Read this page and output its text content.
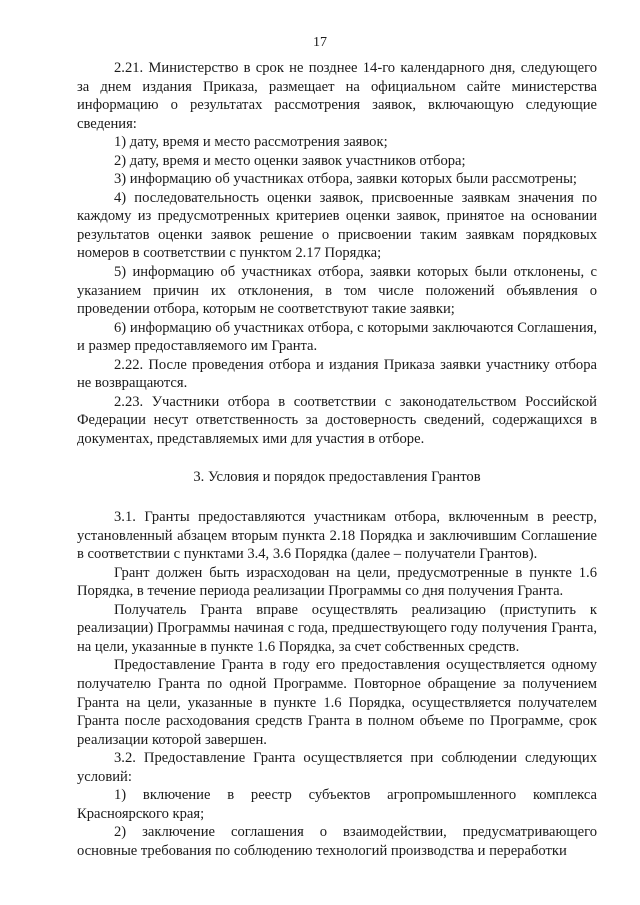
17

2.21. Министерство в срок не позднее 14-го календарного дня, следующего за днем издания Приказа, размещает на официальном сайте министерства информацию о результатах рассмотрения заявок, включающую следующие сведения:

1) дату, время и место рассмотрения заявок;

2) дату, время и место оценки заявок участников отбора;

3) информацию об участниках отбора, заявки которых были рассмотрены;

4) последовательность оценки заявок, присвоенные заявкам значения по каждому из предусмотренных критериев оценки заявок, принятое на основании результатов оценки заявок решение о присвоении таким заявкам порядковых номеров в соответствии с пунктом 2.17 Порядка;

5) информацию об участниках отбора, заявки которых были отклонены, с указанием причин их отклонения, в том числе положений объявления о проведении отбора, которым не соответствуют такие заявки;

6) информацию об участниках отбора, с которыми заключаются Соглашения, и размер предоставляемого им Гранта.

2.22. После проведения отбора и издания Приказа заявки участнику отбора не возвращаются.

2.23. Участники отбора в соответствии с законодательством Российской Федерации несут ответственность за достоверность сведений, содержащихся в документах, представляемых ими для участия в отборе.

3. Условия и порядок предоставления Грантов

3.1. Гранты предоставляются участникам отбора, включенным в реестр, установленный абзацем вторым пункта 2.18 Порядка и заключившим Соглашение в соответствии с пунктами 3.4, 3.6 Порядка (далее – получатели Грантов).

Грант должен быть израсходован на цели, предусмотренные в пункте 1.6 Порядка, в течение периода реализации Программы со дня получения Гранта.

Получатель Гранта вправе осуществлять реализацию (приступить к реализации) Программы начиная с года, предшествующего году получения Гранта, на цели, указанные в пункте 1.6 Порядка, за счет собственных средств.

Предоставление Гранта в году его предоставления осуществляется одному получателю Гранта по одной Программе. Повторное обращение за получением Гранта на цели, указанные в пункте 1.6 Порядка, осуществляется получателем Гранта после расходования средств Гранта в полном объеме по Программе, срок реализации которой завершен.

3.2. Предоставление Гранта осуществляется при соблюдении следующих условий:

1) включение в реестр субъектов агропромышленного комплекса Красноярского края;

2) заключение соглашения о взаимодействии, предусматривающего основные требования по соблюдению технологий производства и переработки
